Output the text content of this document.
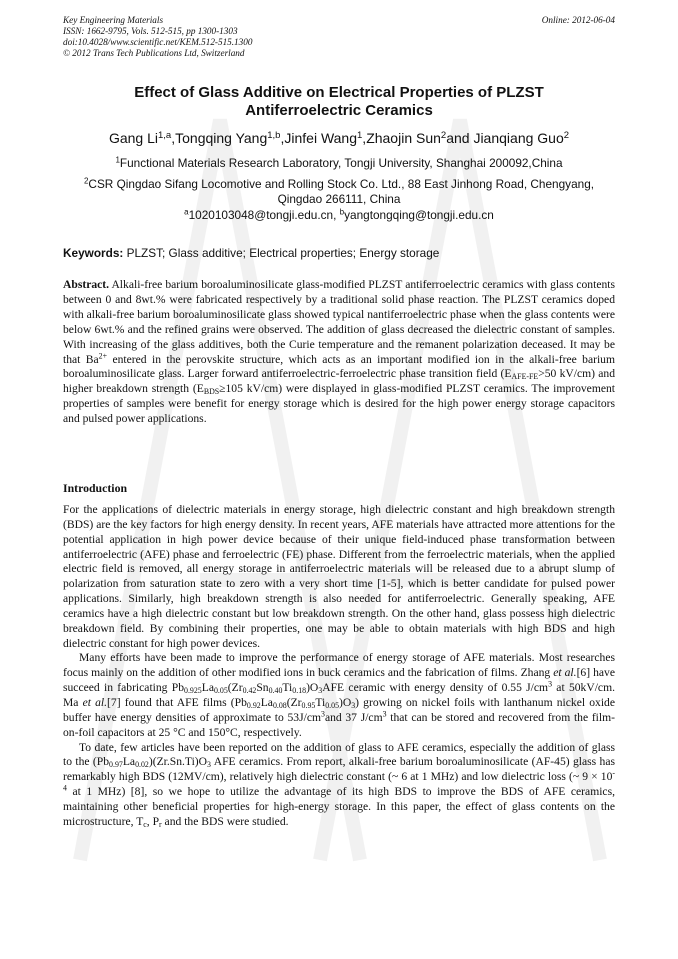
Key Engineering Materials
ISSN: 1662-9795, Vols. 512-515, pp 1300-1303
doi:10.4028/www.scientific.net/KEM.512-515.1300
© 2012 Trans Tech Publications Ltd, Switzerland
Online: 2012-06-04
Effect of Glass Additive on Electrical Properties of PLZST
Antiferroelectric Ceramics
Gang Li$^{1,a}$,Tongqing Yang$^{1,b}$,Jinfei Wang$^1$,Zhaojin Sun$^2$and Jianqiang Guo$^2$
$^1$Functional Materials Research Laboratory, Tongji University, Shanghai 200092,China
$^2$CSR Qingdao Sifang Locomotive and Rolling Stock Co. Ltd., 88 East Jinhong Road, Chengyang,
Qingdao 266111, China
$^a$1020103048@tongji.edu.cn, $^b$yangtongqing@tongji.edu.cn
Keywords: PLZST; Glass additive; Electrical properties; Energy storage
Abstract. Alkali-free barium boroaluminosilicate glass-modified PLZST antiferroelectric ceramics with glass contents between 0 and 8wt.% were fabricated respectively by a traditional solid phase reaction. The PLZST ceramics doped with alkali-free barium boroaluminosilicate glass showed typical nantiferroelectric phase when the glass contents were below 6wt.% and the refined grains were observed. The addition of glass decreased the dielectric constant of samples. With increasing of the glass additives, both the Curie temperature and the remanent polarization deceased. It may be that $Ba^{2+}$ entered in the perovskite structure, which acts as an important modified ion in the alkali-free barium boroaluminosilicate glass. Larger forward antiferroelectric-ferroelectric phase transition field ($E_{AFE-FE}>50$ kV/cm) and higher breakdown strength ($E_{BDS}\ge 105$ kV/cm) were displayed in glass-modified PLZST ceramics. The improvement properties of samples were benefit for energy storage which is desired for the high power energy storage capacitors and pulsed power applications.
Introduction

For the applications of dielectric materials in energy storage, high dielectric constant and high breakdown strength (BDS) are the key factors for high energy density. In recent years, AFE materials have attracted more attentions for the potential application in high power device because of their unique field-induced phase transformation between antiferroelectric (AFE) phase and ferroelectric (FE) phase. Different from the ferroelectric materials, when the applied electric field is removed, all energy storage in antiferroelectric materials will be released due to a abrupt slump of polarization from saturation state to zero with a very short time [1-5], which is better candidate for pulsed power applications. Similarly, high breakdown strength is also needed for antiferroelectric. Generally speaking, AFE ceramics have a high dielectric constant but low breakdown strength. On the other hand, glass possess high dielectric breakdown field. By combining their properties, one may be able to obtain materials with high BDS and high dielectric constant for high power devices.

Many efforts have been made to improve the performance of energy storage of AFE materials. Most researches focus mainly on the addition of other modified ions in buck ceramics and the fabrication of films. Zhang et al.[6] have succeed in fabricating $Pb_{0.925}La_{0.05}(Zr_{0.42}Sn_{0.40}Ti_{0.18})O_3AFE$ ceramic with energy density of 0.55 $J/cm^3$ at 50kV/cm. Ma et al.[7] found that AFE films $(Pb_{0.92}La_{0.08}(Zr_{0.95}Ti_{0.05})O_3)$ growing on nickel foils with lanthanum nickel oxide buffer have energy densities of approximate to $53J/cm^3and$ 37 $J/cm^3$ that can be stored and recovered from the film-on-foil capacitors at 25 °C and 150°C, respectively.

To date, few articles have been reported on the addition of glass to AFE ceramics, especially the addition of glass to the $(Pb_{0.97}La_{0.02})(Zr.Sn.Ti)O_3$ AFE ceramics. From report, alkali-free barium boroaluminosilicate (AF-45) glass has remarkably high BDS (12MV/cm), relatively high dielectric constant (~ 6 at 1 MHz) and low dielectric loss (~ $9 \times 10^{-4}$ at 1 MHz) [8], so we hope to utilize the advantage of its high BDS to improve the BDS of AFE ceramics, maintaining other beneficial properties for high-energy storage. In this paper, the effect of glass contents on the microstructure, $T_c$, $P_r$ and the BDS were studied.
